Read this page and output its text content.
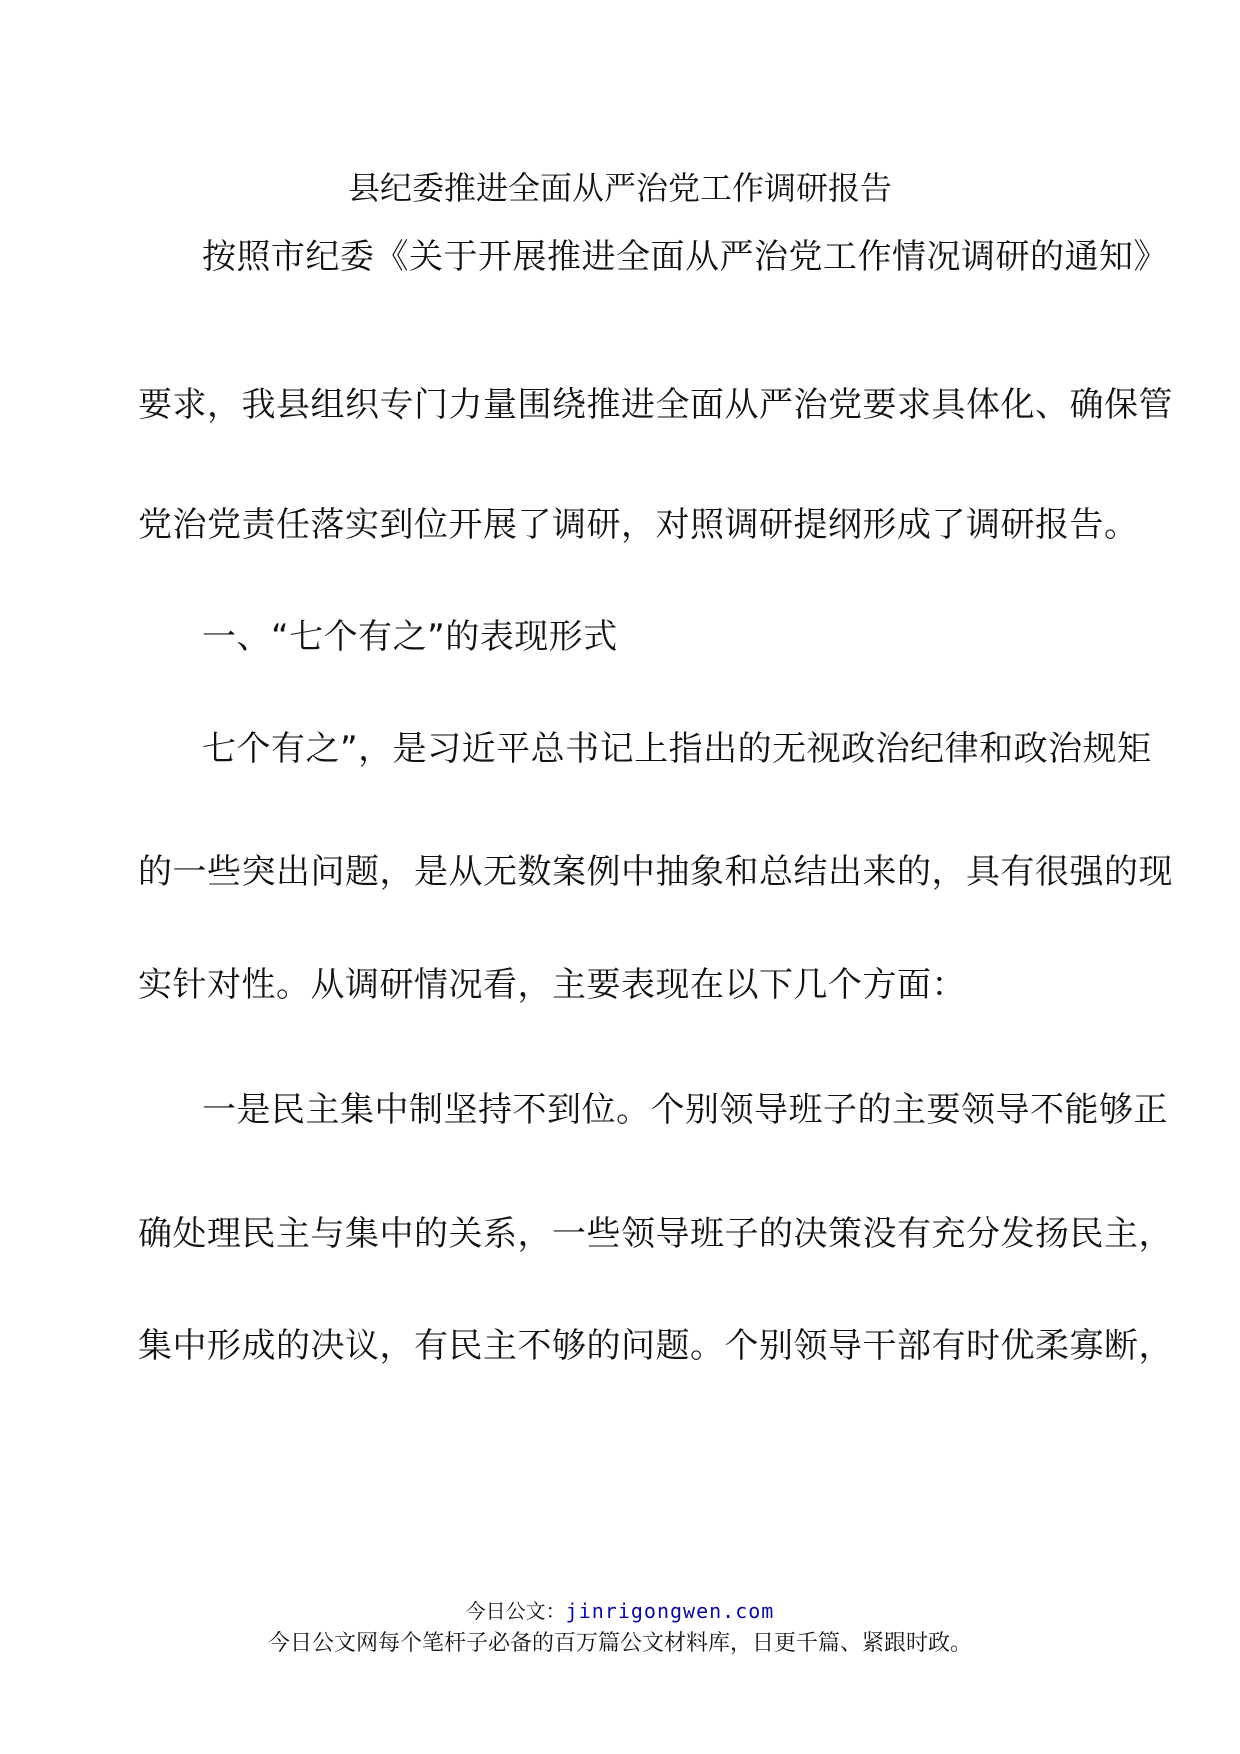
县纪委推进全面从严治党工作调研报告
按照市纪委《关于开展推进全面从严治党工作情况调研的通知》
要求，我县组织专门力量围绕推进全面从严治党要求具体化、确保管
党治党责任落实到位开展了调研，对照调研提纲形成了调研报告。
一、“七个有之”的表现形式
七个有之”，是习近平总书记上指出的无视政治纪律和政治规矩
的一些突出问题，是从无数案例中抽象和总结出来的，具有很强的现
实针对性。从调研情况看，主要表现在以下几个方面：
一是民主集中制坚持不到位。个别领导班子的主要领导不能够正
确处理民主与集中的关系，一些领导班子的决策没有充分发扬民主，
集中形成的决议，有民主不够的问题。个别领导干部有时优柔寡断，
今日公文：jinrigongwen.com
今日公文网每个笔杆子必备的百万篇公文材料库，日更千篇、紧跟时政。
